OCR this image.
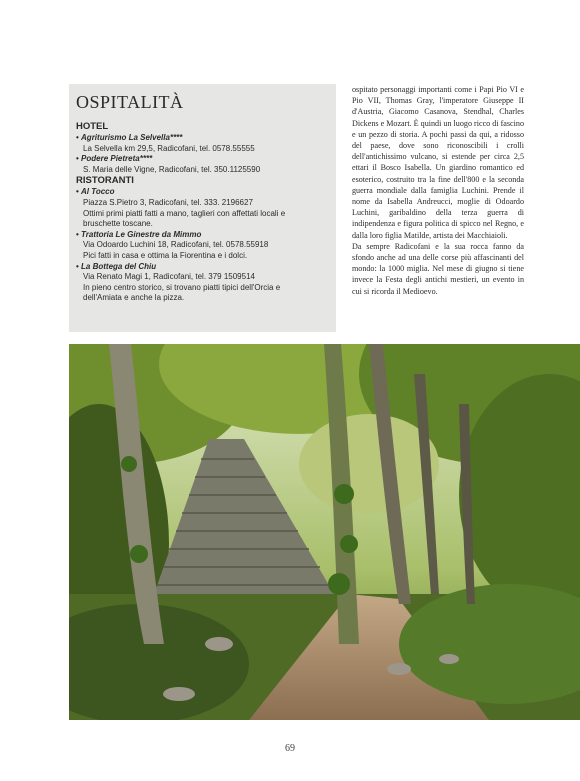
OSPITALITÀ

HOTEL

• Agriturismo La Selvella****
La Selvella km 29,5, Radicofani, tel. 0578.55555
• Podere Pietreta****
S. Maria delle Vigne, Radicofani, tel. 350.1125590

RISTORANTI

• Al Tocco
Piazza S.Pietro 3, Radicofani, tel. 333. 2196627
Ottimi primi piatti fatti a mano, taglieri con affettati locali e
bruschette toscane.
• Trattoria Le Ginestre da Mimmo
Via Odoardo Luchini 18, Radicofani, tel. 0578.55918
Pici fatti in casa e ottima la Fiorentina e i dolci.
• La Bottega del Chiu
Via Renato Magi 1, Radicofani, tel. 379 1509514
In pieno centro storico, si trovano piatti tipici dell'Orcia e
dell'Amiata e anche la pizza.

ospitato personaggi importanti come i Papi Pio VI e Pio VII, Thomas Gray, l'imperatore Giuseppe II d'Austria, Giacomo Casanova, Stendhal, Charles Dickens e Mozart. È quindi un luogo ricco di fascino e un pezzo di storia. A pochi passi da qui, a ridosso del paese, dove sono riconoscibili i crolli dell'antichissimo vulcano, si estende per circa 2,5 ettari il Bosco Isabella. Un giardino romantico ed esoterico, costruito tra la fine dell'800 e la seconda guerra mondiale dalla famiglia Luchini. Prende il nome da Isabella Andreucci, moglie di Odoardo Luchini, garibaldino della terza guerra di indipendenza e figura politica di spicco nel Regno, e dalla loro figlia Matilde, artista dei Macchiaioli.

Da sempre Radicofani e la sua rocca fanno da sfondo anche ad una delle corse più affascinanti del mondo: la 1000 miglia. Nel mese di giugno si tiene invece la Festa degli antichi mestieri, un evento in cui si ricorda il Medioevo.

69
